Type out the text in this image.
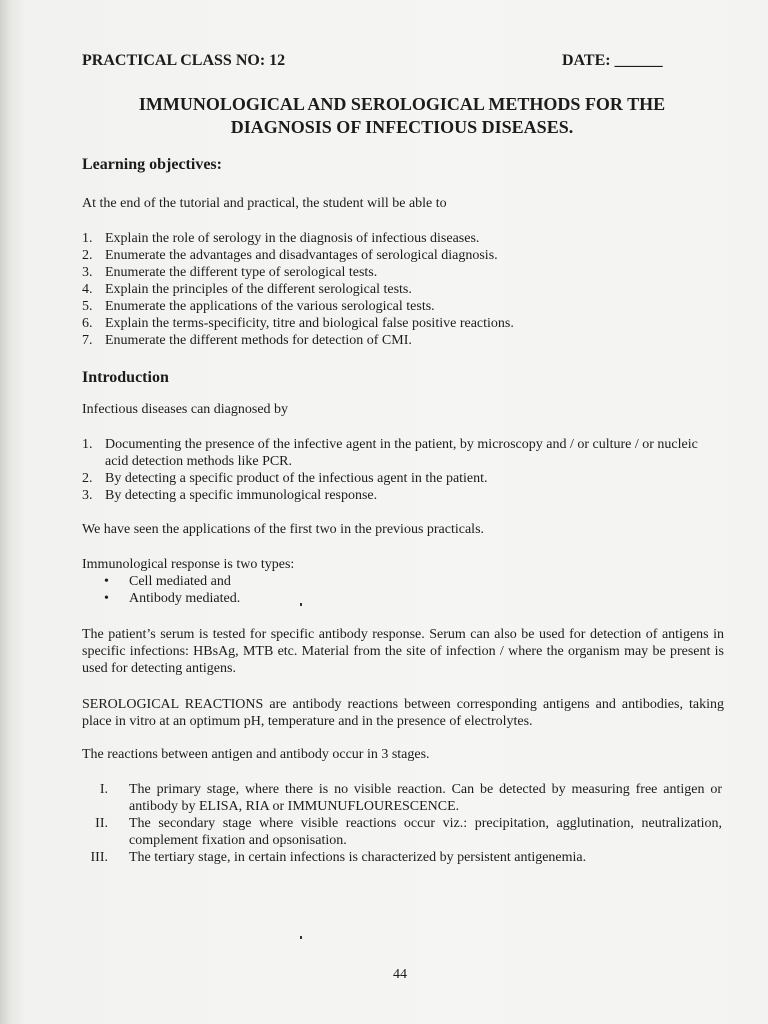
PRACTICAL CLASS NO: 12	DATE: ______
IMMUNOLOGICAL AND SEROLOGICAL METHODS FOR THE
DIAGNOSIS OF INFECTIOUS DISEASES.
Learning objectives:
At the end of the tutorial and practical, the student will be able to
1. Explain the role of serology in the diagnosis of infectious diseases.
2. Enumerate the advantages and disadvantages of serological diagnosis.
3. Enumerate the different type of serological tests.
4. Explain the principles of the different serological tests.
5. Enumerate the applications of the various serological tests.
6. Explain the terms-specificity, titre and biological false positive reactions.
7. Enumerate the different methods for detection of CMI.
Introduction
Infectious diseases can diagnosed by
1. Documenting the presence of the infective agent in the patient, by microscopy and / or culture / or nucleic acid detection methods like PCR.
2. By detecting a specific product of the infectious agent in the patient.
3. By detecting a specific immunological response.
We have seen the applications of the first two in the previous practicals.
Immunological response is two types:
• Cell mediated and
• Antibody mediated.
The patient’s serum is tested for specific antibody response. Serum can also be used for detection of antigens in specific infections: HBsAg, MTB etc. Material from the site of infection / where the organism may be present is used for detecting antigens.
SEROLOGICAL REACTIONS are antibody reactions between corresponding antigens and antibodies, taking place in vitro at an optimum pH, temperature and in the presence of electrolytes.
The reactions between antigen and antibody occur in 3 stages.
I. The primary stage, where there is no visible reaction. Can be detected by measuring free antigen or antibody by ELISA, RIA or IMMUNUFLOURESCENCE.
II. The secondary stage where visible reactions occur viz.: precipitation, agglutination, neutralization, complement fixation and opsonisation.
III. The tertiary stage, in certain infections is characterized by persistent antigenemia.
44
